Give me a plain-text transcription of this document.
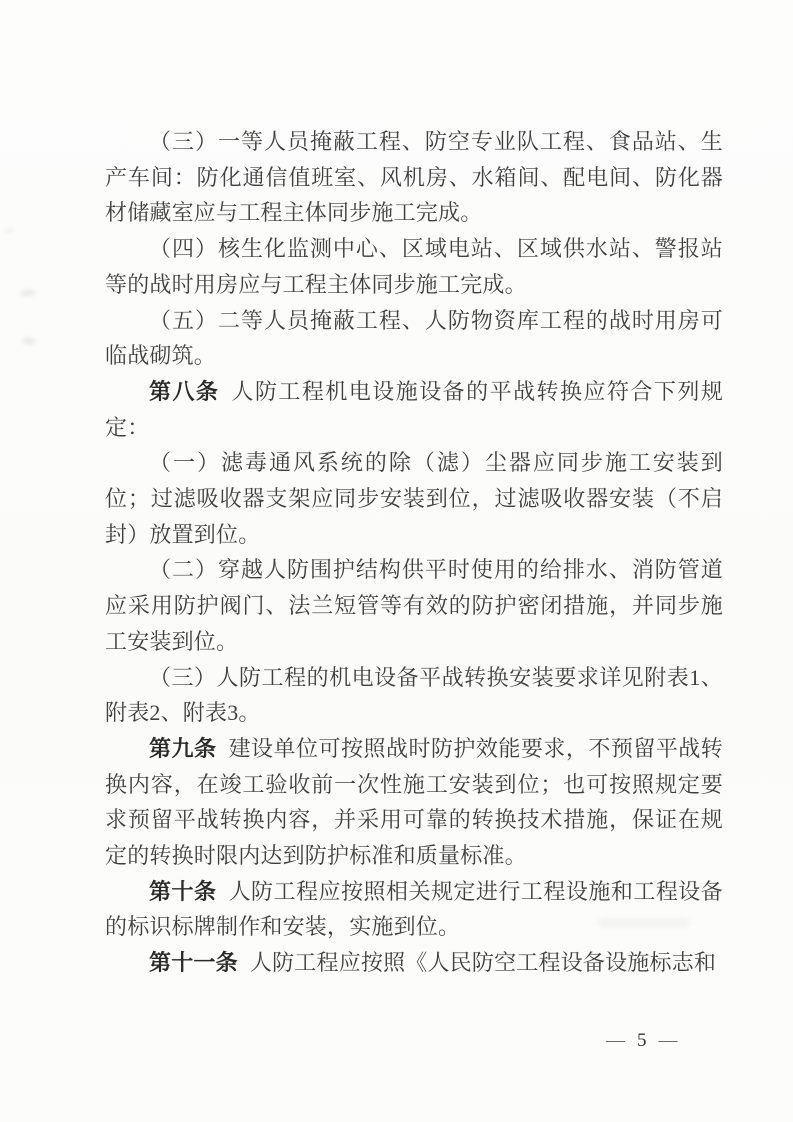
（三）一等人员掩蔽工程、防空专业队工程、食品站、生产车间：防化通信值班室、风机房、水箱间、配电间、防化器材储藏室应与工程主体同步施工完成。

（四）核生化监测中心、区域电站、区域供水站、警报站等的战时用房应与工程主体同步施工完成。

（五）二等人员掩蔽工程、人防物资库工程的战时用房可临战砌筑。

第八条 人防工程机电设施设备的平战转换应符合下列规定：

（一）滤毒通风系统的除（滤）尘器应同步施工安装到位；过滤吸收器支架应同步安装到位，过滤吸收器安装（不启封）放置到位。

（二）穿越人防围护结构供平时使用的给排水、消防管道应采用防护阀门、法兰短管等有效的防护密闭措施，并同步施工安装到位。

（三）人防工程的机电设备平战转换安装要求详见附表1、附表2、附表3。

第九条 建设单位可按照战时防护效能要求，不预留平战转换内容，在竣工验收前一次性施工安装到位；也可按照规定要求预留平战转换内容，并采用可靠的转换技术措施，保证在规定的转换时限内达到防护标准和质量标准。

第十条 人防工程应按照相关规定进行工程设施和工程设备的标识标牌制作和安装，实施到位。

第十一条 人防工程应按照《人民防空工程设备设施标志和

— 5 —
